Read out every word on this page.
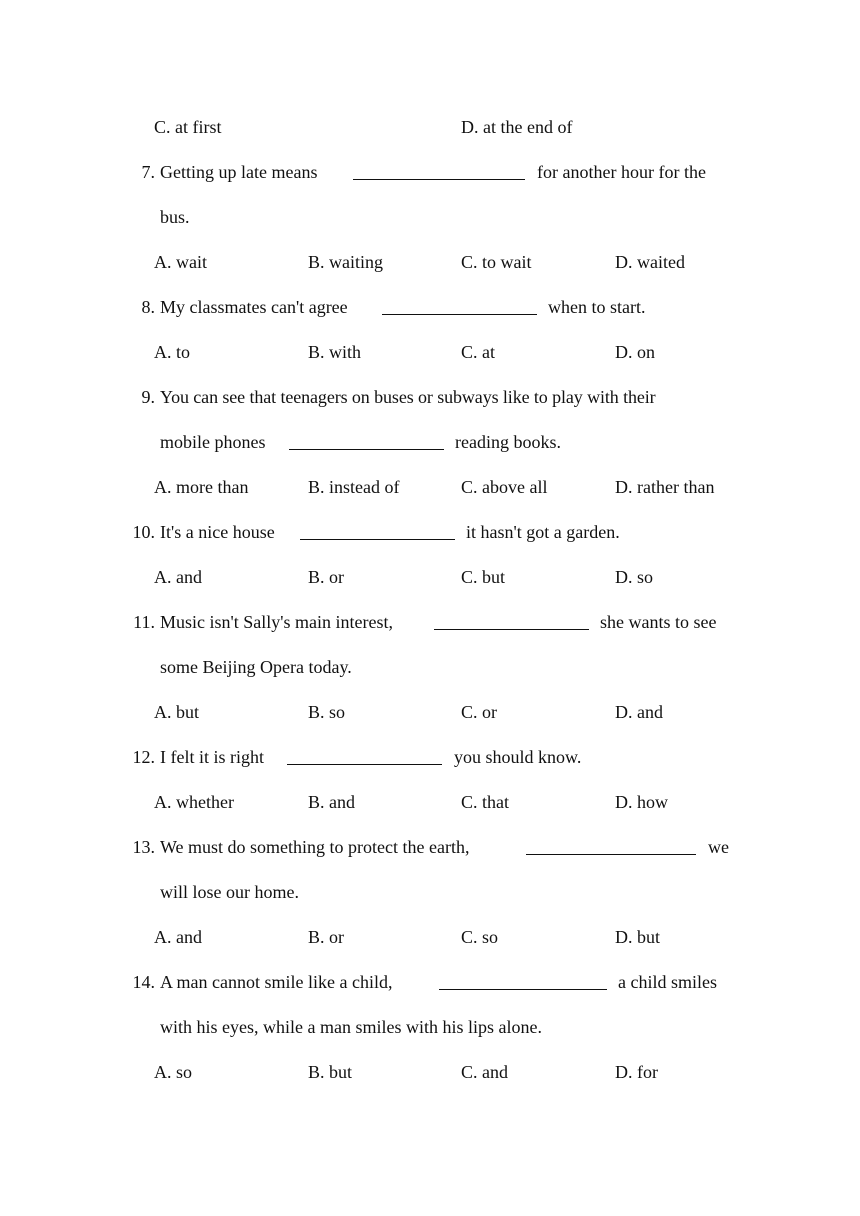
C. at first	D. at the end of
7. Getting up late means	for another hour for the
bus.
A. wait	B. waiting	C. to wait	D. waited
8. My classmates can't agree	when to start.
A. to	B. with	C. at	D. on
9. You can see that teenagers on buses or subways like to play with their
mobile phones	reading books.
A. more than	B. instead of	C. above all	D. rather than
10. It's a nice house	it hasn't got a garden.
A. and	B. or	C. but	D. so
11. Music isn't Sally's main interest,	she wants to see
some Beijing Opera today.
A. but	B. so	C. or	D. and
12. I felt it is right	you should know.
A. whether	B. and	C. that	D. how
13. We must do something to protect the earth,	we
will lose our home.
A. and	B. or	C. so	D. but
14. A man cannot smile like a child,	a child smiles
with his eyes, while a man smiles with his lips alone.
A. so	B. but	C. and	D. for
